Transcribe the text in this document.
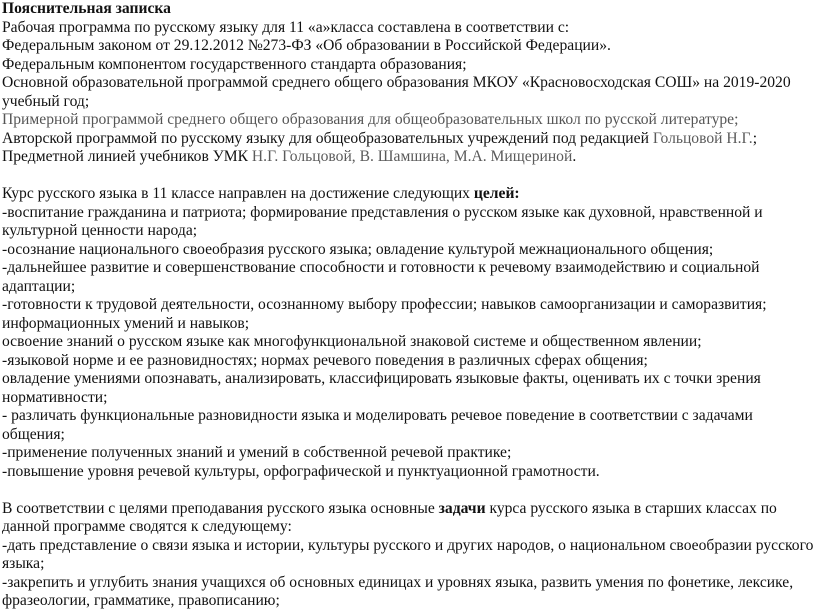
Пояснительная записка
Рабочая программа по русскому языку для 11 «а»класса составлена в соответствии с:
Федеральным законом от 29.12.2012 №273-ФЗ «Об образовании в Российской Федерации».
Федеральным компонентом государственного стандарта образования;
Основной образовательной программой среднего общего образования МКОУ «Красновосходская СОШ» на 2019-2020 учебный год;
Примерной программой среднего общего образования для общеобразовательных школ по русской литературе;
Авторской программой по русскому языку для общеобразовательных учреждений под редакцией Гольцовой Н.Г.;
Предметной линией учебников УМК Н.Г. Гольцовой, В. Шамшина, М.А. Мищериной.
Курс русского языка в 11 классе направлен на достижение следующих целей:
-воспитание гражданина и патриота; формирование представления о русском языке как духовной, нравственной и культурной ценности народа;
-осознание национального своеобразия русского языка; овладение культурой межнационального общения;
-дальнейшее развитие и совершенствование способности и готовности к речевому взаимодействию и социальной адаптации;
-готовности к трудовой деятельности, осознанному выбору профессии; навыков самоорганизации и саморазвития; информационных умений и навыков;
освоение знаний о русском языке как многофункциональной знаковой системе и общественном явлении;
-языковой норме и ее разновидностях; нормах речевого поведения в различных сферах общения;
овладение умениями опознавать, анализировать, классифицировать языковые факты, оценивать их с точки зрения нормативности;
- различать функциональные разновидности языка и моделировать речевое поведение в соответствии с задачами общения;
-применение полученных знаний и умений в собственной речевой практике;
-повышение уровня речевой культуры, орфографической и пунктуационной грамотности.
В соответствии с целями преподавания русского языка основные задачи курса русского языка в старших классах по данной программе сводятся к следующему:
-дать представление о связи языка и истории, культуры русского и других народов, о национальном своеобразии русского языка;
-закрепить и углубить знания учащихся об основных единицах и уровнях языка, развить умения по фонетике, лексике, фразеологии, грамматике, правописанию;
